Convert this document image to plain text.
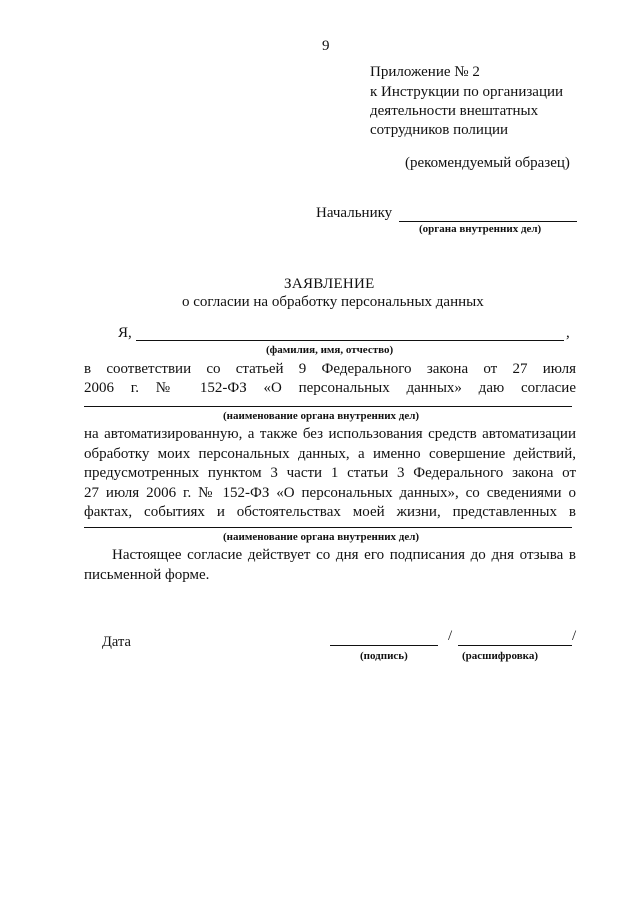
9
Приложение № 2
к Инструкции по организации
деятельности внештатных
сотрудников полиции
(рекомендуемый образец)
Начальнику
(органа внутренних дел)
ЗАЯВЛЕНИЕ
о согласии на обработку персональных данных
Я,	,
(фамилия, имя, отчество)
в соответствии со статьей 9 Федерального закона от 27 июля
2006 г. № 152-ФЗ «О персональных данных» даю согласие
(наименование органа внутренних дел)
на автоматизированную, а также без использования средств автоматизации
обработку моих персональных данных, а именно совершение действий,
предусмотренных пунктом 3 части 1 статьи 3 Федерального закона от
27 июля 2006 г. № 152-ФЗ «О персональных данных», со сведениями о
фактах, событиях и обстоятельствах моей жизни, представленных в
(наименование органа внутренних дел)
Настоящее согласие действует со дня его подписания до дня отзыва в
письменной форме.
Дата	/	/
(подпись)	(расшифровка)
